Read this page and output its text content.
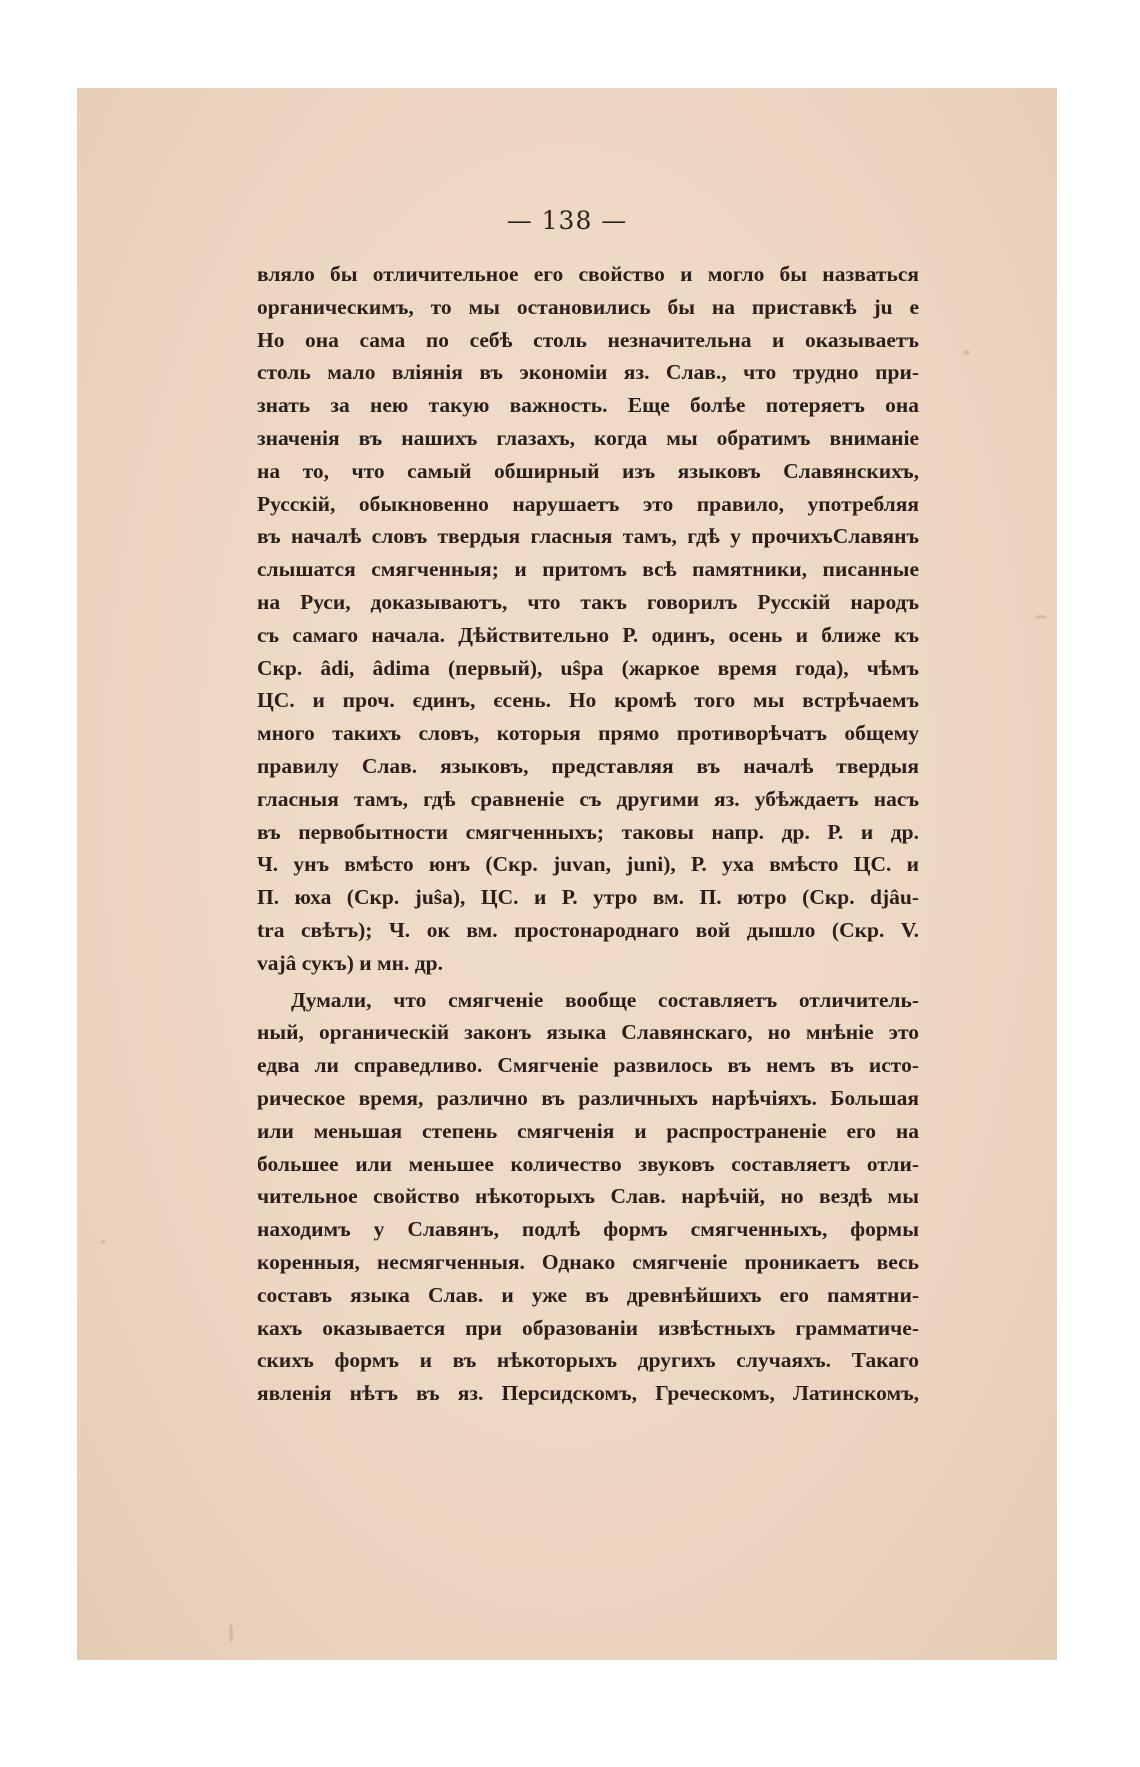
— 138 —
вляло бы отличительное его свойство и могло бы назваться
органическимъ, то мы остановились бы на приставкѣ ju e
Но она сама по себѣ столь незначительна и оказываетъ
столь мало вліянія въ экономіи яз. Слав., что трудно при-
знать за нею такую важность. Еще болѣе потеряетъ она
значенія въ нашихъ глазахъ, когда мы обратимъ вниманіе
на то, что самый обширный изъ языковъ Славянскихъ,
Русскій, обыкновенно нарушаетъ это правило, употребляя
въ началѣ словъ твердыя гласныя тамъ, гдѣ у прочихъСлавянъ
слышатся смягченныя; и притомъ всѣ памятники, писанные
на Руси, доказываютъ, что такъ говорилъ Русскій народъ
съ самаго начала. Дѣйствительно Р. одинъ, осень и ближе къ
Скр. âdi, âdima (первый), uŝpa (жаркое время года), чѣмъ
ЦС. и проч. єдинъ, єсень. Но кромѣ того мы встрѣчаемъ
много такихъ словъ, которыя прямо противорѣчатъ общему
правилу Слав. языковъ, представляя въ началѣ твердыя
гласныя тамъ, гдѣ сравненіе съ другими яз. убѣждаетъ насъ
въ первобытности смягченныхъ; таковы напр. др. Р. и др.
Ч. унъ вмѣсто юнъ (Скр. juvan, juni), Р. уха вмѣсто ЦС. и
П. юха (Скр. juŝa), ЦС. и Р. утро вм. П. ютро (Скр. djâu-
tra свѣтъ); Ч. ок вм. простонароднаго вой дышло (Скр. V.
vajâ сукъ) и мн. др.
Думали, что смягченіе вообще составляетъ отличитель-
ный, органическій законъ языка Славянскаго, но мнѣніе это
едва ли справедливо. Смягченіе развилось въ немъ въ исто-
рическое время, различно въ различныхъ нарѣчіяхъ. Большая
или меньшая степень смягченія и распространеніе его на
большее или меньшее количество звуковъ составляетъ отли-
чительное свойство нѣкоторыхъ Слав. нарѣчій, но вездѣ мы
находимъ у Славянъ, подлѣ формъ смягченныхъ, формы
коренныя, несмягченныя. Однако смягченіе проникаетъ весь
составъ языка Слав. и уже въ древнѣйшихъ его памятни-
кахъ оказывается при образованіи извѣстныхъ грамматиче-
скихъ формъ и въ нѣкоторыхъ другихъ случаяхъ. Такаго
явленія нѣтъ въ яз. Персидскомъ, Греческомъ, Латинскомъ,
